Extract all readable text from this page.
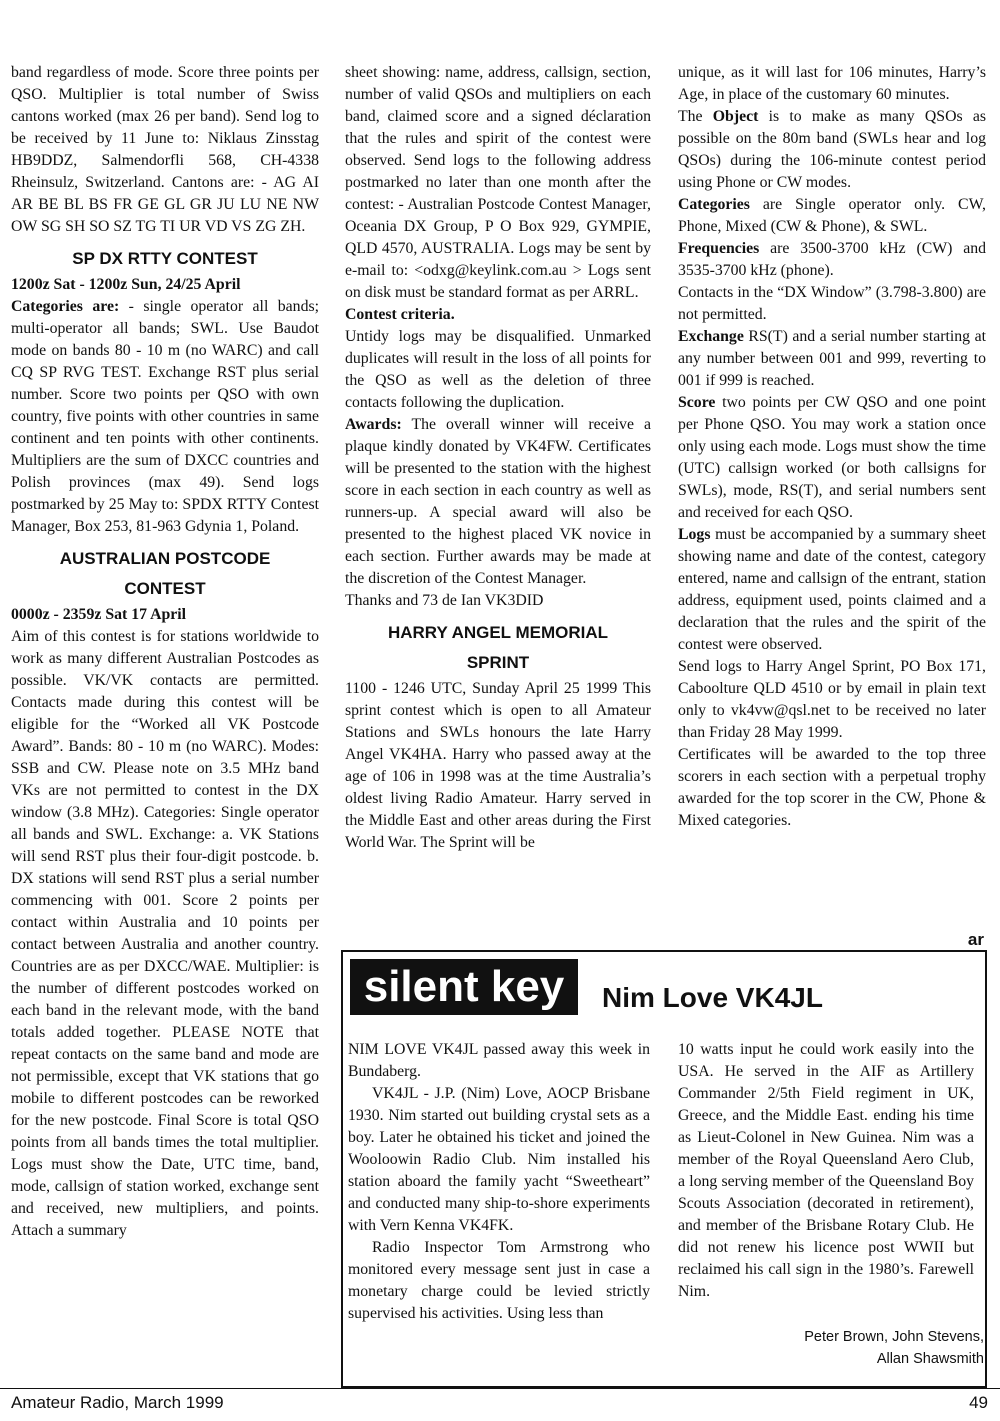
band regardless of mode. Score three points per QSO. Multiplier is total number of Swiss cantons worked (max 26 per band). Send log to be received by 11 June to: Niklaus Zinsstag HB9DDZ, Salmendorfli 568, CH-4338 Rheinsulz, Switzerland. Cantons are: - AG AI AR BE BL BS FR GE GL GR JU LU NE NW OW SG SH SO SZ TG TI UR VD VS ZG ZH.

SP DX RTTY CONTEST

1200z Sat - 1200z Sun, 24/25 April

Categories are: - single operator all bands; multi-operator all bands; SWL. Use Baudot mode on bands 80 - 10 m (no WARC) and call CQ SP RVG TEST. Exchange RST plus serial number. Score two points per QSO with own country, five points with other countries in same continent and ten points with other continents. Multipliers are the sum of DXCC countries and Polish provinces (max 49). Send logs postmarked by 25 May to: SPDX RTTY Contest Manager, Box 253, 81-963 Gdynia 1, Poland.

AUSTRALIAN POSTCODE
CONTEST

0000z - 2359z Sat 17 April

Aim of this contest is for stations worldwide to work as many different Australian Postcodes as possible. VK/VK contacts are permitted. Contacts made during this contest will be eligible for the “Worked all VK Postcode Award”. Bands: 80 - 10 m (no WARC). Modes: SSB and CW. Please note on 3.5 MHz band VKs are not permitted to contest in the DX window (3.8 MHz). Categories: Single operator all bands and SWL. Exchange: a. VK Stations will send RST plus their four-digit postcode. b. DX stations will send RST plus a serial number commencing with 001. Score 2 points per contact within Australia and 10 points per contact between Australia and another country. Countries are as per DXCC/WAE. Multiplier: is the number of different postcodes worked on each band in the relevant mode, with the band totals added together. PLEASE NOTE that repeat contacts on the same band and mode are not permissible, except that VK stations that go mobile to different postcodes can be reworked for the new postcode. Final Score is total QSO points from all bands times the total multiplier. Logs must show the Date, UTC time, band, mode, callsign of station worked, exchange sent and received, new multipliers, and points. Attach a summary

sheet showing: name, address, callsign, section, number of valid QSOs and multipliers on each band, claimed score and a signed déclaration that the rules and spirit of the contest were observed. Send logs to the following address postmarked no later than one month after the contest: - Australian Postcode Contest Manager, Oceania DX Group, P O Box 929, GYMPIE, QLD 4570, AUSTRALIA. Logs may be sent by e-mail to: <odxg@keylink.com.au > Logs sent on disk must be standard format as per ARRL.

Contest criteria.

Untidy logs may be disqualified. Unmarked duplicates will result in the loss of all points for the QSO as well as the deletion of three contacts following the duplication.

Awards: The overall winner will receive a plaque kindly donated by VK4FW. Certificates will be presented to the station with the highest score in each section in each country as well as runners-up. A special award will also be presented to the highest placed VK novice in each section. Further awards may be made at the discretion of the Contest Manager.

Thanks and 73 de Ian VK3DID

HARRY ANGEL MEMORIAL
SPRINT

1100 - 1246 UTC, Sunday April 25 1999 This sprint contest which is open to all Amateur Stations and SWLs honours the late Harry Angel VK4HA. Harry who passed away at the age of 106 in 1998 was at the time Australia’s oldest living Radio Amateur. Harry served in the Middle East and other areas during the First World War. The Sprint will be

unique, as it will last for 106 minutes, Harry’s Age, in place of the customary 60 minutes.

The Object is to make as many QSOs as possible on the 80m band (SWLs hear and log QSOs) during the 106-minute contest period using Phone or CW modes.

Categories are Single operator only. CW, Phone, Mixed (CW & Phone), & SWL.

Frequencies are 3500-3700 kHz (CW) and 3535-3700 kHz (phone).

Contacts in the “DX Window” (3.798-3.800) are not permitted.

Exchange RS(T) and a serial number starting at any number between 001 and 999, reverting to 001 if 999 is reached.

Score two points per CW QSO and one point per Phone QSO. You may work a station once only using each mode. Logs must show the time (UTC) callsign worked (or both callsigns for SWLs), mode, RS(T), and serial numbers sent and received for each QSO.

Logs must be accompanied by a summary sheet showing name and date of the contest, category entered, name and callsign of the entrant, station address, equipment used, points claimed and a declaration that the rules and the spirit of the contest were observed.

Send logs to Harry Angel Sprint, PO Box 171, Caboolture QLD 4510 or by email in plain text only to vk4vw@qsl.net to be received no later than Friday 28 May 1999.

Certificates will be awarded to the top three scorers in each section with a perpetual trophy awarded for the top scorer in the CW, Phone & Mixed categories.

ar
silent key	Nim Love VK4JL

NIM LOVE VK4JL passed away this week in Bundaberg.

VK4JL - J.P. (Nim) Love, AOCP Brisbane 1930. Nim started out building crystal sets as a boy. Later he obtained his ticket and joined the Wooloowin Radio Club. Nim installed his station aboard the family yacht “Sweetheart” and conducted many ship-to-shore experiments with Vern Kenna VK4FK.

Radio Inspector Tom Armstrong who monitored every message sent just in case a monetary charge could be levied strictly supervised his activities. Using less than

10 watts input he could work easily into the USA. He served in the AIF as Artillery Commander 2/5th Field regiment in UK, Greece, and the Middle East. ending his time as Lieut-Colonel in New Guinea. Nim was a member of the Royal Queensland Aero Club, a long serving member of the Queensland Boy Scouts Association (decorated in retirement), and member of the Brisbane Rotary Club. He did not renew his licence post WWII but reclaimed his call sign in the 1980’s. Farewell Nim.

Peter Brown, John Stevens,
Allan Shawsmith
Amateur Radio, March 1999	49
